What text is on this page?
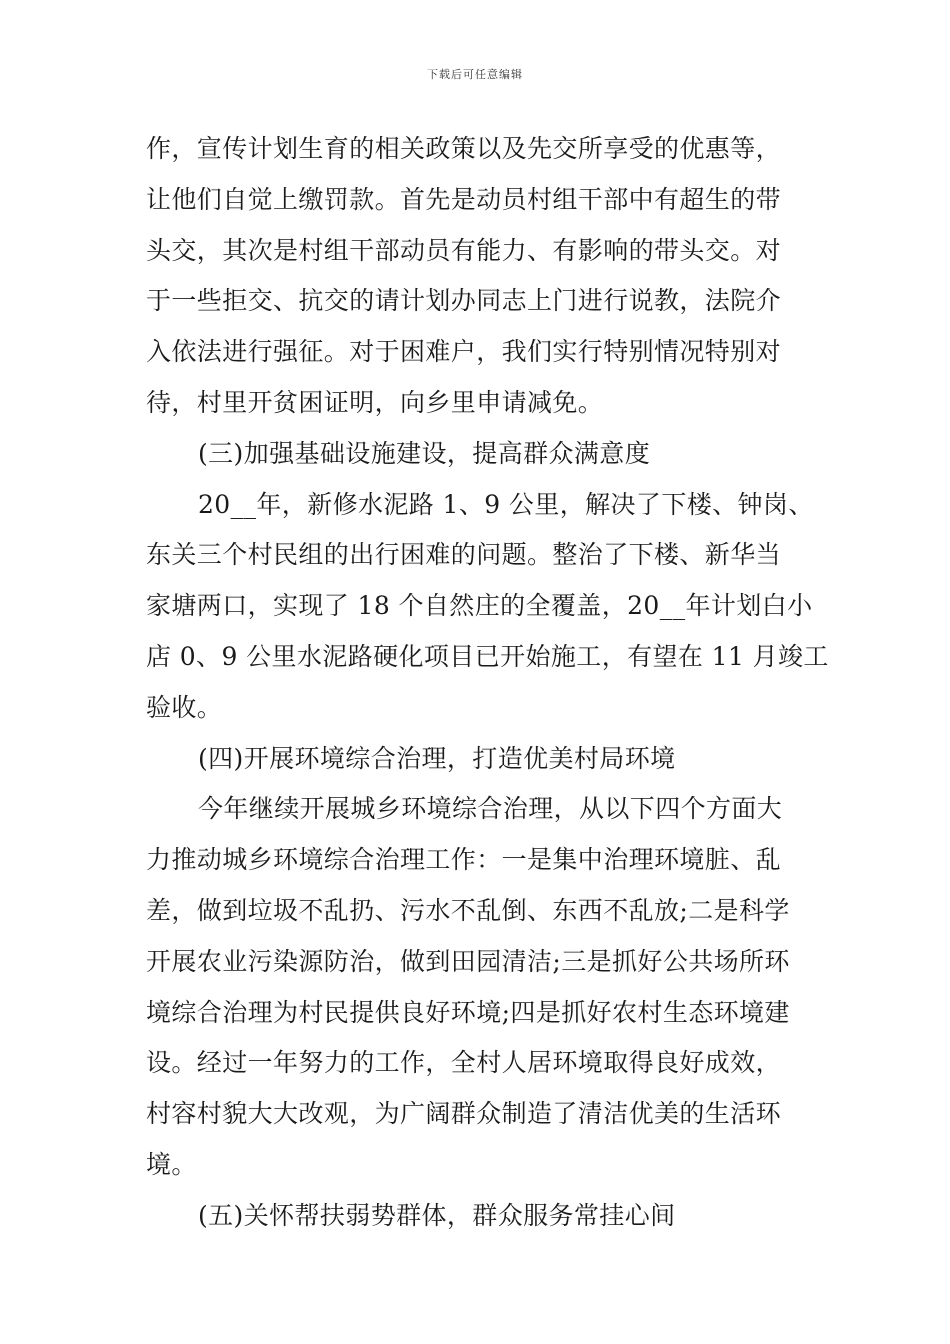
下载后可任意编辑
作，宣传计划生育的相关政策以及先交所享受的优惠等，
让他们自觉上缴罚款。首先是动员村组干部中有超生的带
头交，其次是村组干部动员有能力、有影响的带头交。对
于一些拒交、抗交的请计划办同志上门进行说教，法院介
入依法进行强征。对于困难户，我们实行特别情况特别对
待，村里开贫困证明，向乡里申请减免。
(三)加强基础设施建设，提高群众满意度
20__年，新修水泥路 1、9 公里，解决了下楼、钟岗、
东关三个村民组的出行困难的问题。整治了下楼、新华当
家塘两口，实现了 18 个自然庄的全覆盖，20__年计划白小
店 0、9 公里水泥路硬化项目已开始施工，有望在 11 月竣工
验收。
(四)开展环境综合治理，打造优美村局环境
今年继续开展城乡环境综合治理，从以下四个方面大
力推动城乡环境综合治理工作：一是集中治理环境脏、乱
差，做到垃圾不乱扔、污水不乱倒、东西不乱放;二是科学
开展农业污染源防治，做到田园清洁;三是抓好公共场所环
境综合治理为村民提供良好环境;四是抓好农村生态环境建
设。经过一年努力的工作，全村人居环境取得良好成效，
村容村貌大大改观，为广阔群众制造了清洁优美的生活环
境。
(五)关怀帮扶弱势群体，群众服务常挂心间
